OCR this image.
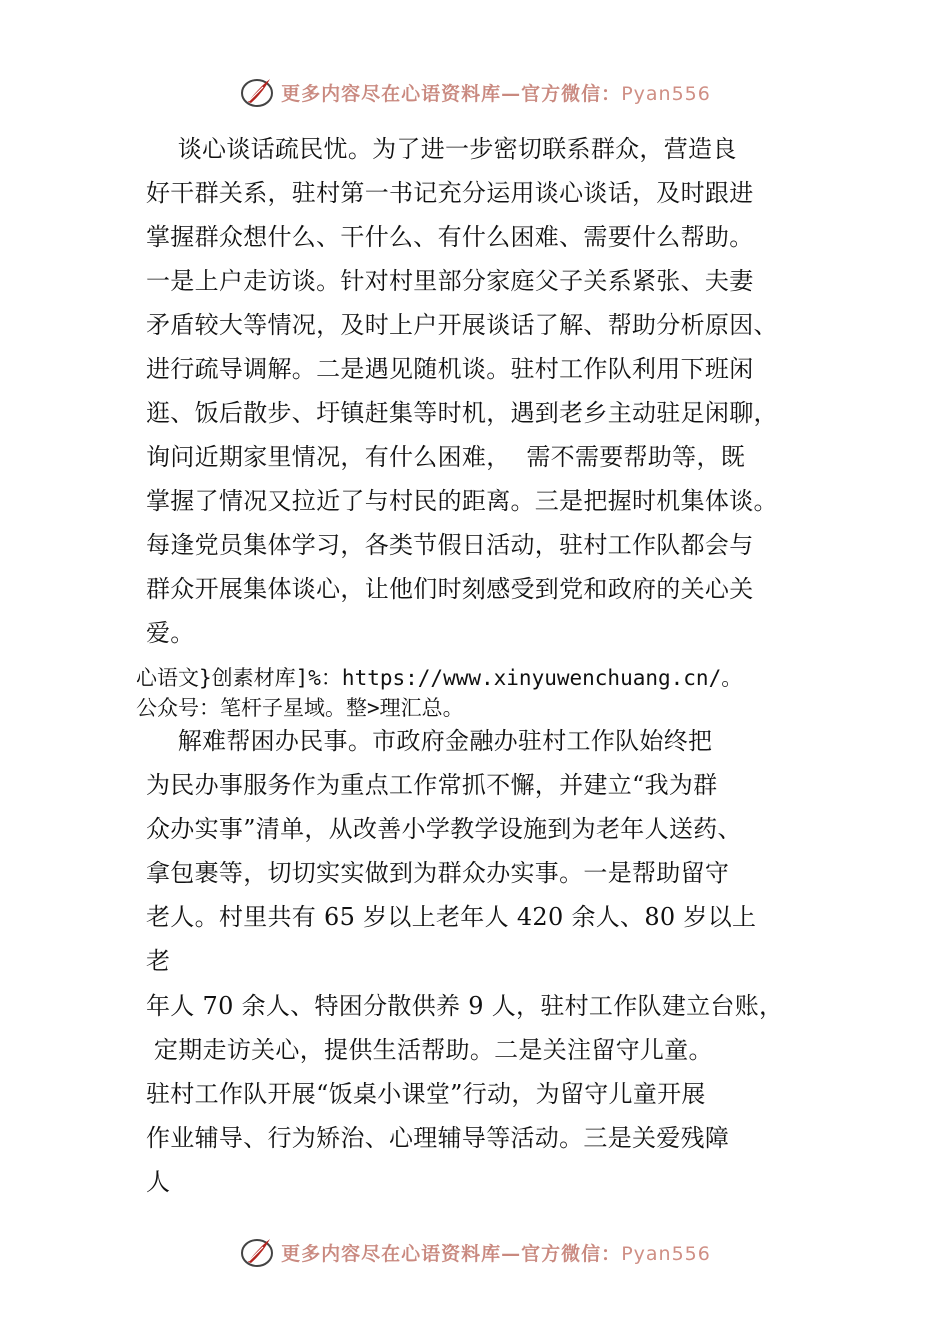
更多内容尽在心语资料库—官方微信：Pyan556
谈心谈话疏民忧。为了进一步密切联系群众，营造良
好干群关系，驻村第一书记充分运用谈心谈话，及时跟进
掌握群众想什么、干什么、有什么困难、需要什么帮助。
一是上户走访谈。针对村里部分家庭父子关系紧张、夫妻
矛盾较大等情况，及时上户开展谈话了解、帮助分析原因、
进行疏导调解。二是遇见随机谈。驻村工作队利用下班闲
逛、饭后散步、圩镇赶集等时机，遇到老乡主动驻足闲聊，
询问近期家里情况，有什么困难，  需不需要帮助等，既
掌握了情况又拉近了与村民的距离。三是把握时机集体谈。
每逢党员集体学习，各类节假日活动，驻村工作队都会与
群众开展集体谈心，让他们时刻感受到党和政府的关心关
爱。
心语文}创素材库]%：https://www.xinyuwenchuang.cn/。
公众号：笔杆子星域。整>理汇总。
解难帮困办民事。市政府金融办驻村工作队始终把
为民办事服务作为重点工作常抓不懈，并建立“我为群
众办实事”清单，从改善小学教学设施到为老年人送药、
拿包裹等，切切实实做到为群众办实事。一是帮助留守
老人。村里共有 65 岁以上老年人 420 余人、80 岁以上
老
年人 70 余人、特困分散供养 9 人，驻村工作队建立台账，
定期走访关心，提供生活帮助。二是关注留守儿童。
驻村工作队开展“饭桌小课堂”行动，为留守儿童开展
作业辅导、行为矫治、心理辅导等活动。三是关爱残障
人
更多内容尽在心语资料库—官方微信：Pyan556
